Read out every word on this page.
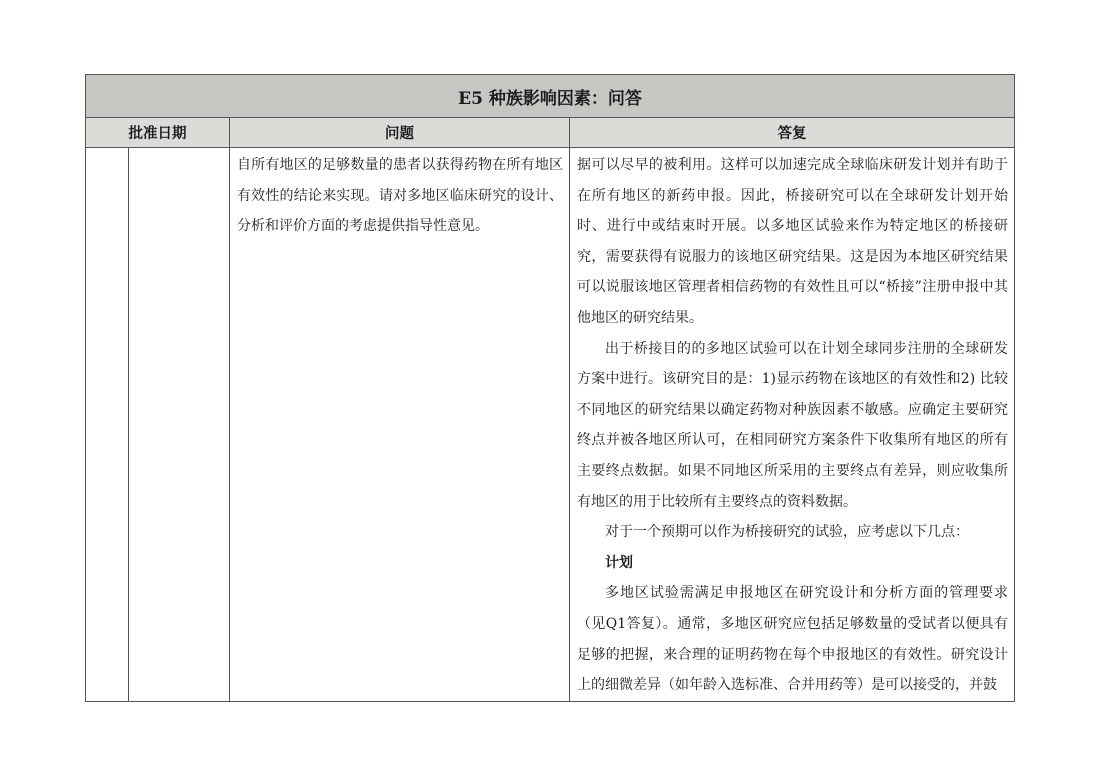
E5 种族影响因素：问答			
批准日期		问题	答复

		自所有地区的足够数量的患者以获得药物在所有地区有效性的结论来实现。请对多地区临床研究的设计、分析和评价方面的考虑提供指导性意见。	据可以尽早的被利用。这样可以加速完成全球临床研发计划并有助于在所有地区的新药申报。因此，桥接研究可以在全球研发计划开始时、进行中或结束时开展。以多地区试验来作为特定地区的桥接研究，需要获得有说服力的该地区研究结果。这是因为本地区研究结果可以说服该地区管理者相信药物的有效性且可以“桥接”注册申报中其他地区的研究结果。

出于桥接目的的多地区试验可以在计划全球同步注册的全球研发方案中进行。该研究目的是：1)显示药物在该地区的有效性和2) 比较不同地区的研究结果以确定药物对种族因素不敏感。应确定主要研究终点并被各地区所认可，在相同研究方案条件下收集所有地区的所有主要终点数据。如果不同地区所采用的主要终点有差异，则应收集所有地区的用于比较所有主要终点的资料数据。

对于一个预期可以作为桥接研究的试验，应考虑以下几点：

计划

多地区试验需满足申报地区在研究设计和分析方面的管理要求（见Q1答复）。通常，多地区研究应包括足够数量的受试者以便具有足够的把握，来合理的证明药物在每个申报地区的有效性。研究设计上的细微差异（如年龄入选标准、合并用药等）是可以接受的，并鼓
